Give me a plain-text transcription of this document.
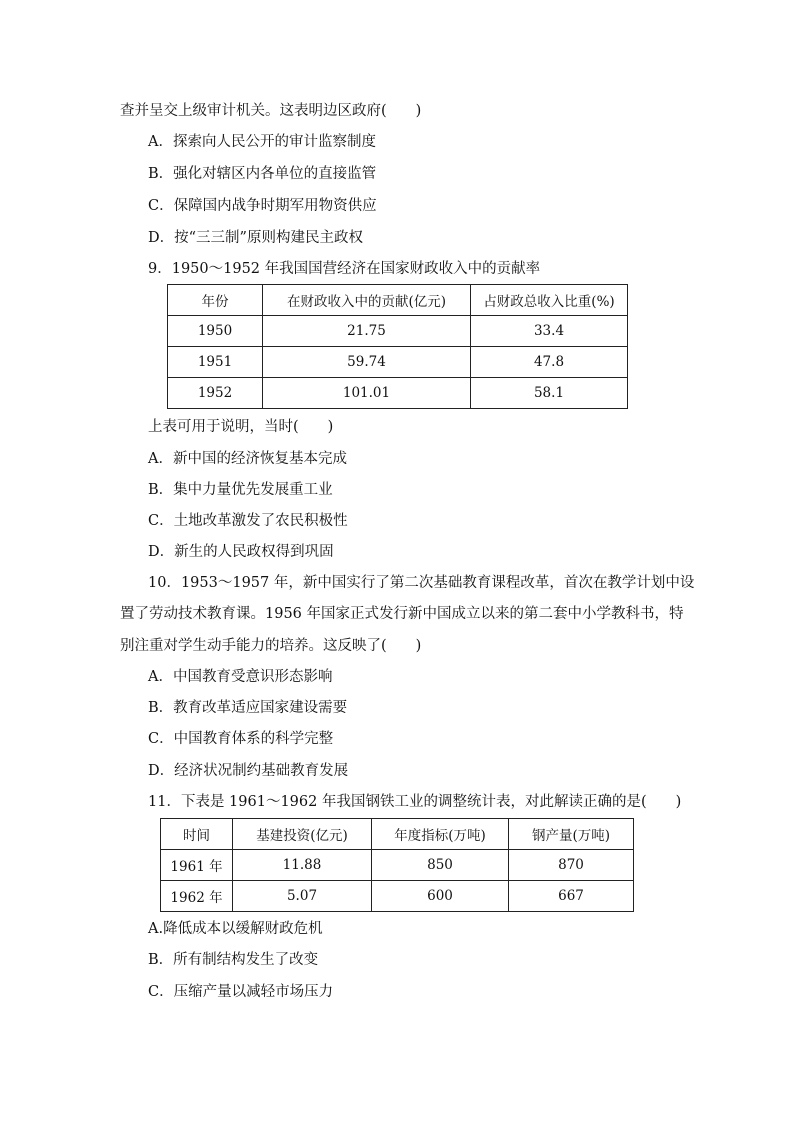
查并呈交上级审计机关。这表明边区政府(　　)
A．探索向人民公开的审计监察制度
B．强化对辖区内各单位的直接监管
C．保障国内战争时期军用物资供应
D．按“三三制”原则构建民主政权
9．1950～1952 年我国国营经济在国家财政收入中的贡献率
年份	在财政收入中的贡献(亿元)	占财政总收入比重(%)
1950	21.75	33.4
1951	59.74	47.8
1952	101.01	58.1
上表可用于说明，当时(　　)
A．新中国的经济恢复基本完成
B．集中力量优先发展重工业
C．土地改革激发了农民积极性
D．新生的人民政权得到巩固
10．1953～1957 年，新中国实行了第二次基础教育课程改革，首次在教学计划中设
置了劳动技术教育课。1956 年国家正式发行新中国成立以来的第二套中小学教科书，特
别注重对学生动手能力的培养。这反映了(　　)
A．中国教育受意识形态影响
B．教育改革适应国家建设需要
C．中国教育体系的科学完整
D．经济状况制约基础教育发展
11．下表是 1961～1962 年我国钢铁工业的调整统计表，对此解读正确的是(　　)
时间	基建投资(亿元)	年度指标(万吨)	钢产量(万吨)
1961 年	11.88	850	870
1962 年	5.07	600	667
A.降低成本以缓解财政危机
B．所有制结构发生了改变
C．压缩产量以减轻市场压力
